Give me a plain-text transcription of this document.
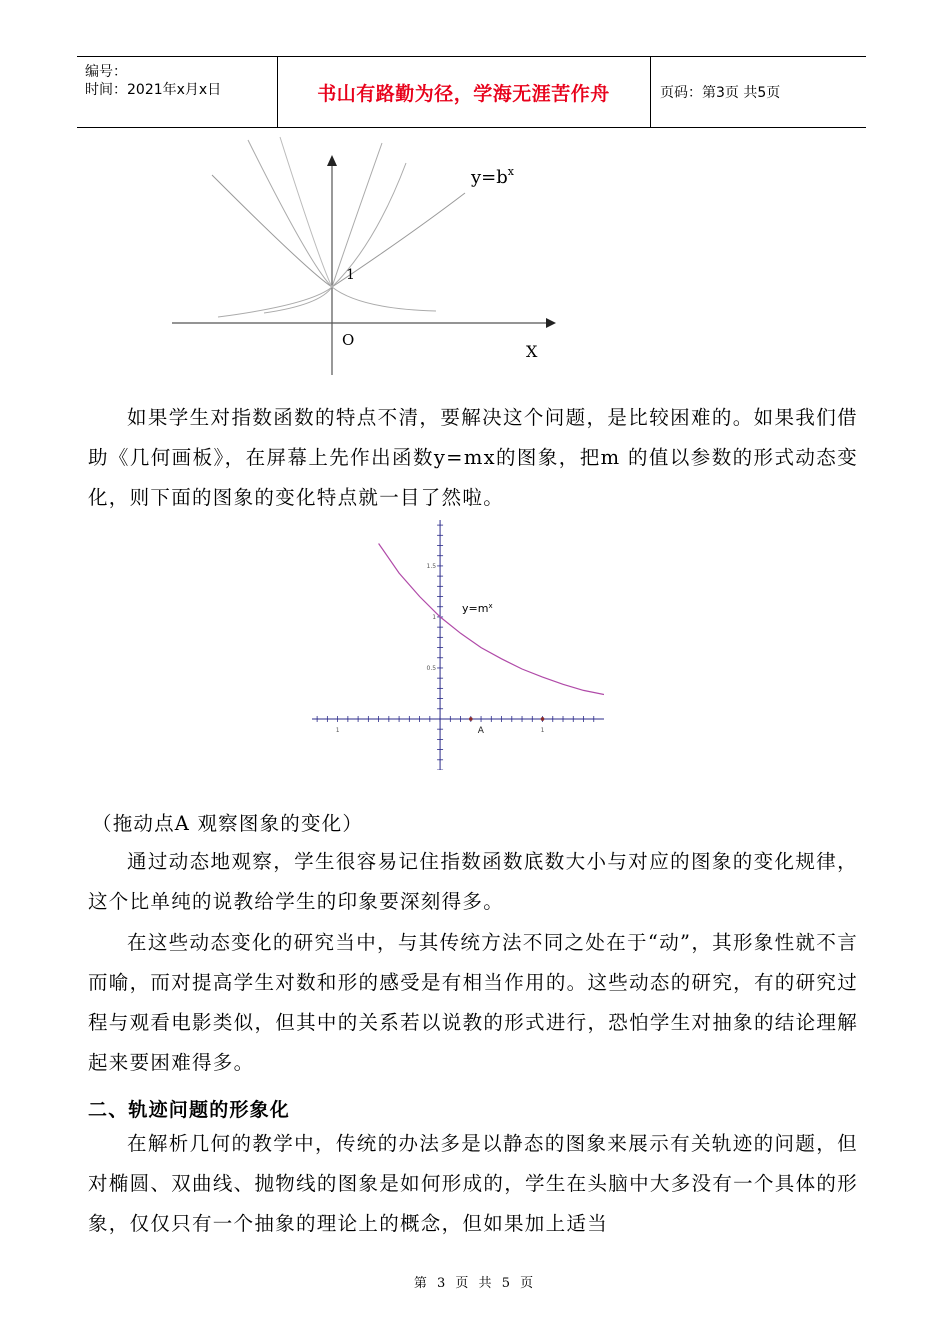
编号：
时间：2021年x月x日	书山有路勤为径，学海无涯苦作舟	页码：第3页 共5页
$y=b^x$
1
O
X

如果学生对指数函数的特点不清，要解决这个问题，是比较困难的。如果我们借助《几何画板》，在屏幕上先作出函数y=mx的图象，把m 的值以参数的形式动态变化，则下面的图象的变化特点就一目了然啦。

1.5
1
0.5
1	1
A
$y=m^x$

（拖动点A 观察图象的变化）

通过动态地观察，学生很容易记住指数函数底数大小与对应的图象的变化规律，这个比单纯的说教给学生的印象要深刻得多。

在这些动态变化的研究当中，与其传统方法不同之处在于“动”，其形象性就不言而喻，而对提高学生对数和形的感受是有相当作用的。这些动态的研究，有的研究过程与观看电影类似，但其中的关系若以说教的形式进行，恐怕学生对抽象的结论理解起来要困难得多。

二、轨迹问题的形象化

在解析几何的教学中，传统的办法多是以静态的图象来展示有关轨迹的问题，但对椭圆、双曲线、抛物线的图象是如何形成的，学生在头脑中大多没有一个具体的形象，仅仅只有一个抽象的理论上的概念，但如果加上适当

第 3 页 共 5 页
